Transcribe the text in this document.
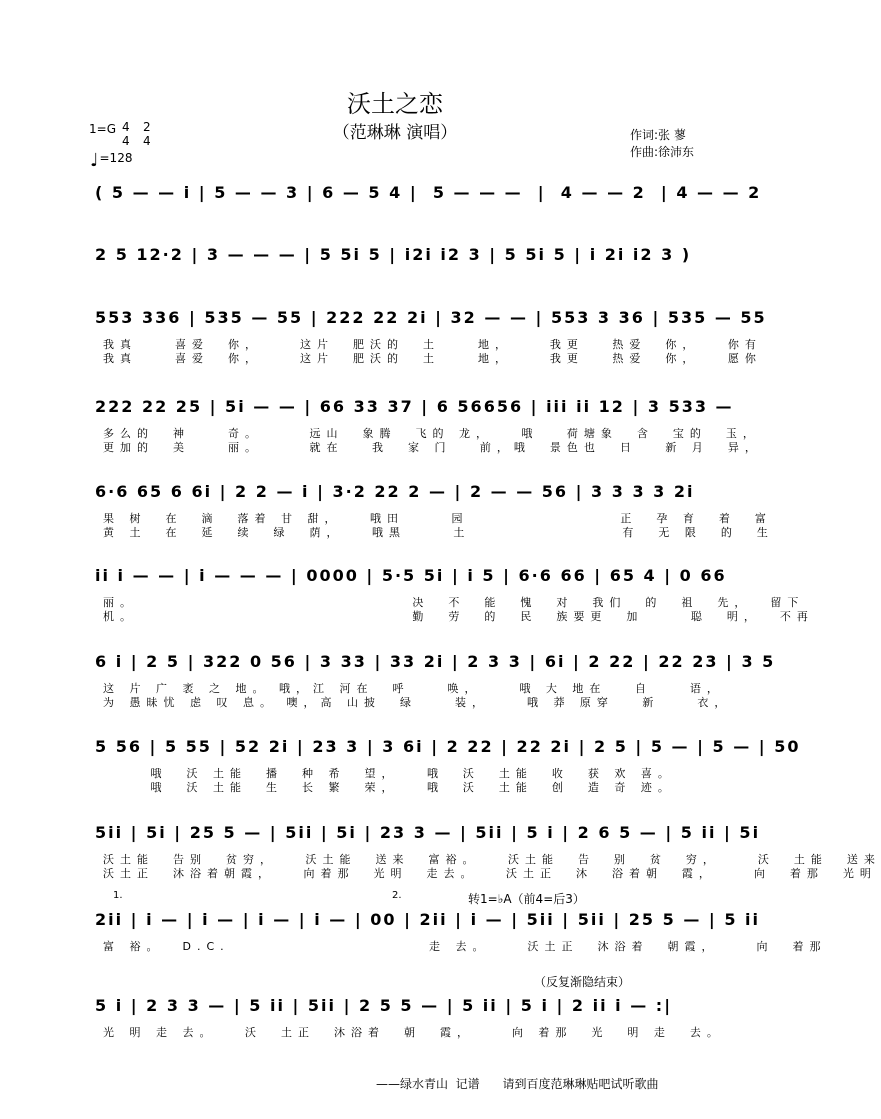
沃土之恋
（范琳琳 演唱）
1=G 4
4
2
4
♩=128
作词:张 蓼
作曲:徐沛东
( 5 — — i | 5 — — 3 | 6 — 5 4 |  5 — — —  |  4 — — 2  | 4 — — 2
2 5 12·2 | 3 — — — | 5 5i 5 | i2i i2 3 | 5 5i 5 | i 2i i2 3 )
553 336 | 535 — 55 | 222 22 2i | 32 — — | 553 3 36 | 535 — 55
我真    喜爱  你，    这片  肥沃的  土    地，    我更   热爱  你，   你有
我真    喜爱  你，    这片  肥沃的  土    地，    我更   热爱  你，   愿你
222 22 25 | 5i — — | 66 33 37 | 6 56656 | iii ii 12 | 3 533 —
多么的  神    奇。     远山  象腾  飞的 龙，   哦   荷塘象  含  宝的  玉，
更加的  美    丽。     就在   我  家 门   前，哦  景色也  日   新 月  异，
6·6 65 6 6i | 2 2 — i | 3·2 22 2 — | 2 — — 56 | 3 3 3 3 2i
果 树  在  滴  落着 甘 甜，   哦田     园                正  孕 育  着  富
黄 土  在  延  续  绿  荫，   哦黑     土                有  无 限  的  生
ii i — — | i — — — | 0000 | 5·5 5i | i 5 | 6·6 66 | 65 4 | 0 66
丽。                             决  不  能  愧  对  我们  的  祖  先，  留下
机。                             勤  劳  的  民  族要更  加     聪  明，  不再
6 i | 2 5 | 322 0 56 | 3 33 | 33 2i | 2 3 3 | 6i | 2 22 | 22 23 | 3 5
这 片 广 袤 之 地。 哦，江 河在  呼    唤，    哦 大 地在   自    语，
为 愚昧忧 虑 叹 息。 噢，高 山披  绿    装，    哦 莽 原穿   新    衣，
5 56 | 5 55 | 52 2i | 23 3 | 3 6i | 2 22 | 22 2i | 2 5 | 5 — | 5 — | 50
哦  沃 土能  播  种 希  望，   哦  沃  土能  收  获 欢 喜。
哦  沃 土能  生  长 繁  荣，   哦  沃  土能  创  造 奇 迹。
5ii | 5i | 25 5 — | 5ii | 5i | 23 3 — | 5ii | 5 i | 2 6 5 — | 5 ii | 5i
沃土能  告别  贫穷，   沃土能  送来  富裕。   沃土能  告  别  贫  穷，    沃  土能  送来
沃土正  沐浴着朝霞，   向着那  光明  走去。   沃土正  沐  浴着朝  霞，    向  着那  光明
1.	2.	转1=♭A（前4=后3）
2ii | i — | i — | i — | i — | 00 | 2ii | i — | 5ii | 5ii | 25 5 — | 5 ii
富 裕。  D.C.                     走 去。    沃土正  沐浴着  朝霞，    向  着那
（反复渐隐结束）
5 i | 2 3 3 — | 5 ii | 5ii | 2 5 5 — | 5 ii | 5 i | 2 ii i — :|
光 明 走 去。   沃  土正  沐浴着  朝  霞，    向 着那  光  明 走  去。
——绿水青山  记谱      请到百度范琳琳贴吧试听歌曲
